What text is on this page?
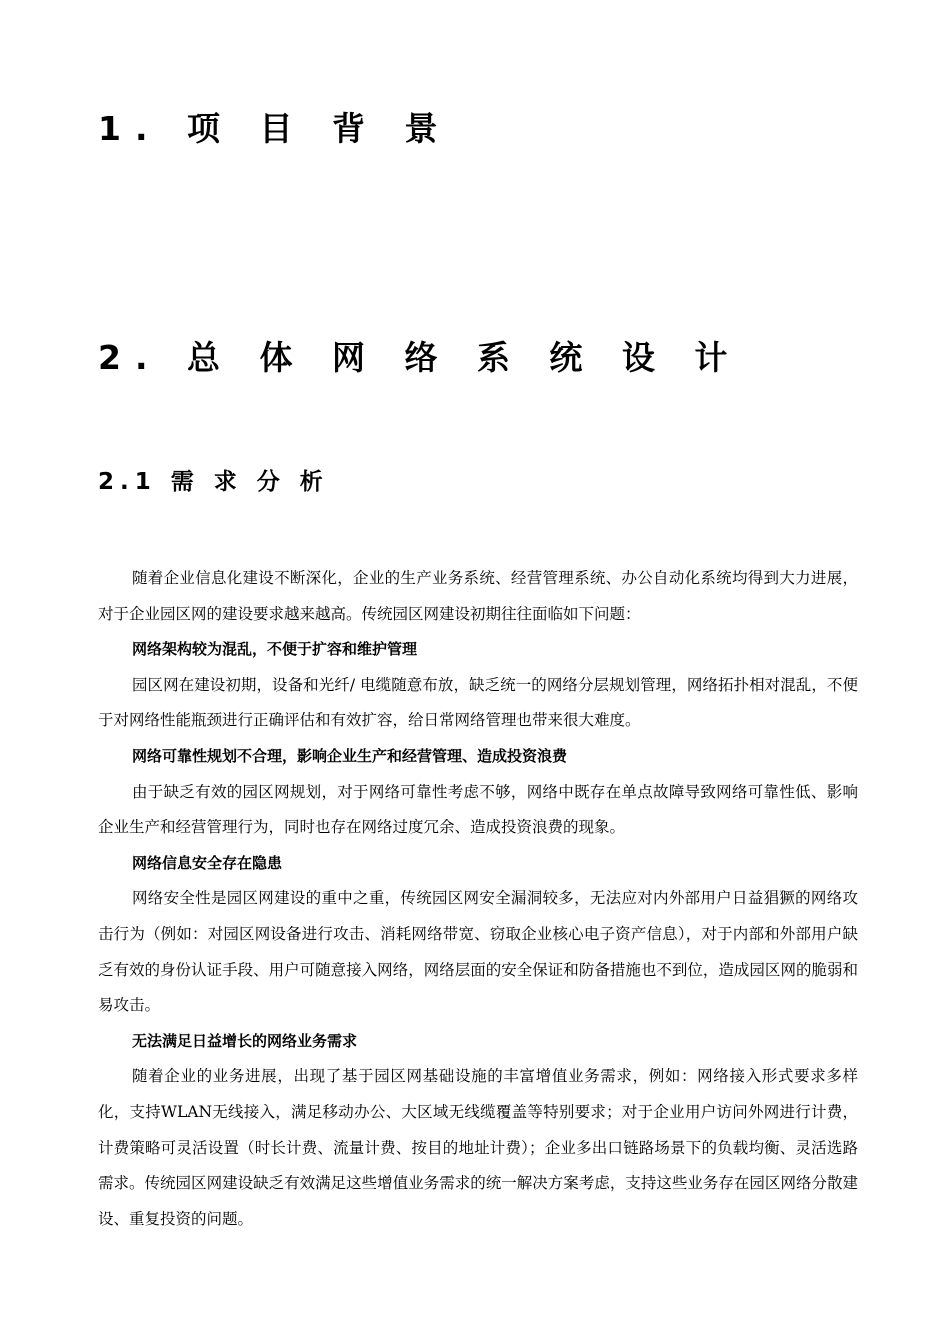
1. 项 目 背 景
2. 总 体 网 络 系 统 设 计
2.1 需 求 分 析

随着企业信息化建设不断深化，企业的生产业务系统、经营管理系统、办公自动化系统均得到大力进展，对于企业园区网的建设要求越来越高。传统园区网建设初期往往面临如下问题：

网络架构较为混乱，不便于扩容和维护管理

园区网在建设初期，设备和光纤/ 电缆随意布放，缺乏统一的网络分层规划管理，网络拓扑相对混乱，不便于对网络性能瓶颈进行正确评估和有效扩容，给日常网络管理也带来很大难度。

网络可靠性规划不合理，影响企业生产和经营管理、造成投资浪费

由于缺乏有效的园区网规划，对于网络可靠性考虑不够，网络中既存在单点故障导致网络可靠性低、影响企业生产和经营管理行为，同时也存在网络过度冗余、造成投资浪费的现象。

网络信息安全存在隐患

网络安全性是园区网建设的重中之重，传统园区网安全漏洞较多，无法应对内外部用户日益猖獗的网络攻击行为（例如：对园区网设备进行攻击、消耗网络带宽、窃取企业核心电子资产信息），对于内部和外部用户缺乏有效的身份认证手段、用户可随意接入网络，网络层面的安全保证和防备措施也不到位，造成园区网的脆弱和易攻击。

无法满足日益增长的网络业务需求

随着企业的业务进展，出现了基于园区网基础设施的丰富增值业务需求，例如：网络接入形式要求多样化，支持WLAN无线接入，满足移动办公、大区域无线缆覆盖等特别要求；对于企业用户访问外网进行计费，计费策略可灵活设置（时长计费、流量计费、按目的地址计费）；企业多出口链路场景下的负载均衡、灵活选路需求。传统园区网建设缺乏有效满足这些增值业务需求的统一解决方案考虑，支持这些业务存在园区网络分散建设、重复投资的问题。
